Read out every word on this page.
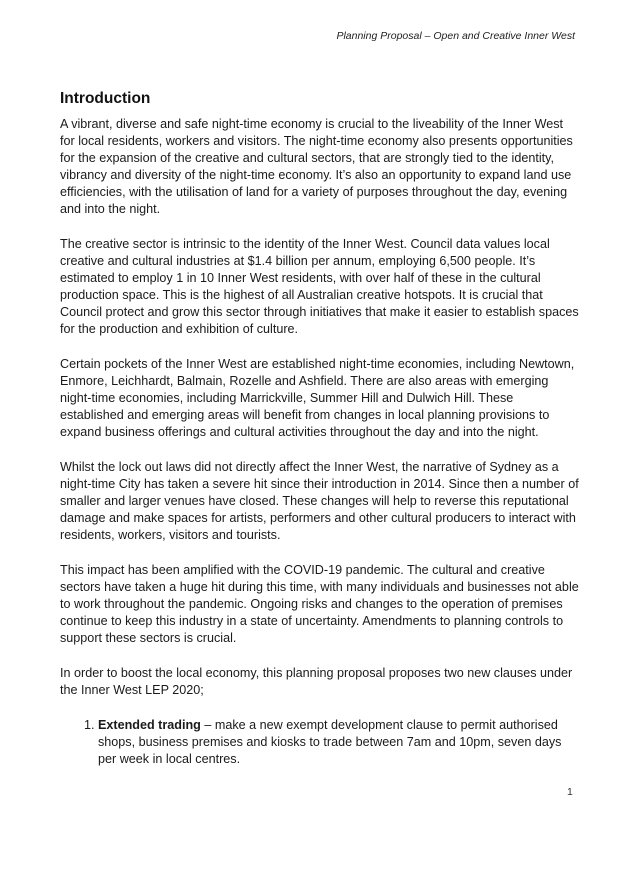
Planning Proposal – Open and Creative Inner West
Introduction

A vibrant, diverse and safe night-time economy is crucial to the liveability of the Inner West for local residents, workers and visitors. The night-time economy also presents opportunities for the expansion of the creative and cultural sectors, that are strongly tied to the identity, vibrancy and diversity of the night-time economy. It’s also an opportunity to expand land use efficiencies, with the utilisation of land for a variety of purposes throughout the day, evening and into the night.

The creative sector is intrinsic to the identity of the Inner West. Council data values local creative and cultural industries at $1.4 billion per annum, employing 6,500 people. It’s estimated to employ 1 in 10 Inner West residents, with over half of these in the cultural production space. This is the highest of all Australian creative hotspots. It is crucial that Council protect and grow this sector through initiatives that make it easier to establish spaces for the production and exhibition of culture.

Certain pockets of the Inner West are established night-time economies, including Newtown, Enmore, Leichhardt, Balmain, Rozelle and Ashfield. There are also areas with emerging night-time economies, including Marrickville, Summer Hill and Dulwich Hill. These established and emerging areas will benefit from changes in local planning provisions to expand business offerings and cultural activities throughout the day and into the night.

Whilst the lock out laws did not directly affect the Inner West, the narrative of Sydney as a night-time City has taken a severe hit since their introduction in 2014. Since then a number of smaller and larger venues have closed. These changes will help to reverse this reputational damage and make spaces for artists, performers and other cultural producers to interact with residents, workers, visitors and tourists.

This impact has been amplified with the COVID-19 pandemic. The cultural and creative sectors have taken a huge hit during this time, with many individuals and businesses not able to work throughout the pandemic. Ongoing risks and changes to the operation of premises continue to keep this industry in a state of uncertainty. Amendments to planning controls to support these sectors is crucial.

In order to boost the local economy, this planning proposal proposes two new clauses under the Inner West LEP 2020;

1. Extended trading – make a new exempt development clause to permit authorised shops, business premises and kiosks to trade between 7am and 10pm, seven days per week in local centres.
1
